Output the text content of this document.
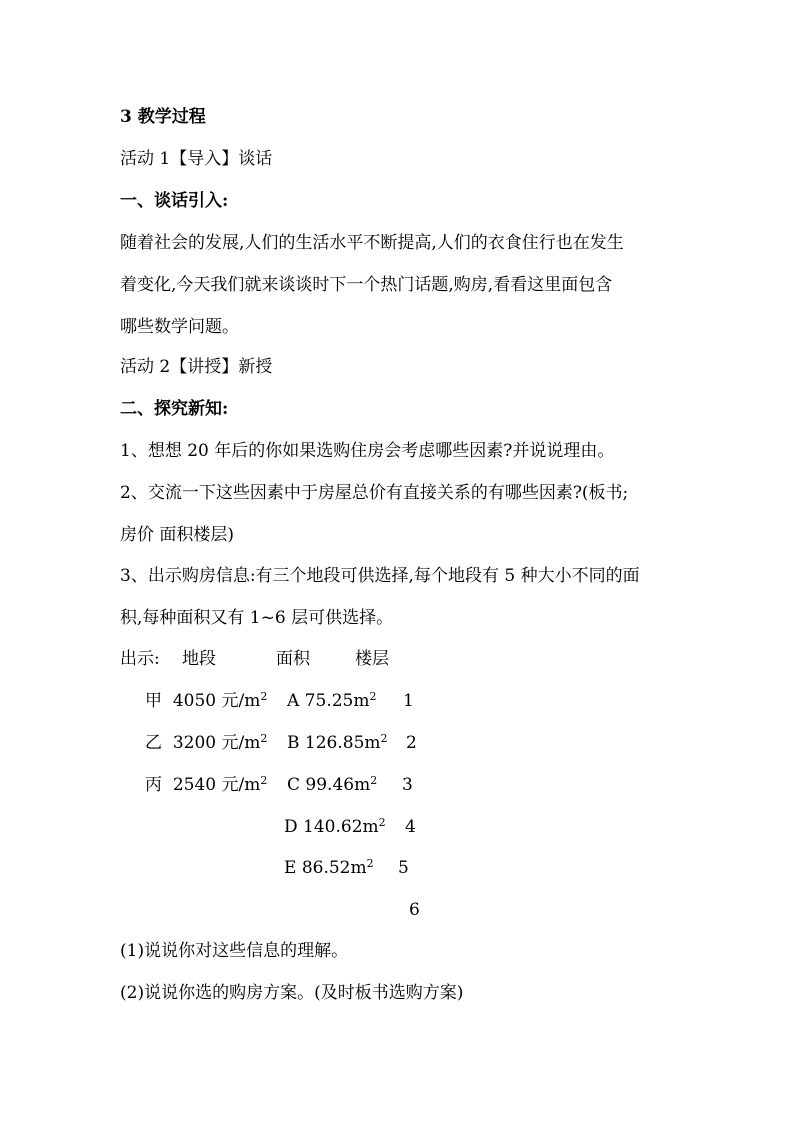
3 教学过程
活动 1【导入】谈话
一、谈话引入:
随着社会的发展,人们的生活水平不断提高,人们的衣食住行也在发生
着变化,今天我们就来谈谈时下一个热门话题,购房,看看这里面包含
哪些数学问题。
活动 2【讲授】新授
二、探究新知:
1、想想 20 年后的你如果选购住房会考虑哪些因素?并说说理由。
2、交流一下这些因素中于房屋总价有直接关系的有哪些因素?(板书;
房价 面积楼层)
3、出示购房信息:有三个地段可供选择,每个地段有 5 种大小不同的面
积,每种面积又有 1~6 层可供选择。
出示: 地段	面积	楼层
甲 4050 元$/m^2$
乙 3200 元$/m^2$
丙 2540 元$/m^2$
A $75.25m^2$
B $126.85m^2$
C $99.46m^2$
D $140.62m^2$
E $86.52m^2$
1
2
3
4
5
6
(1)说说你对这些信息的理解。
(2)说说你选的购房方案。(及时板书选购方案)
